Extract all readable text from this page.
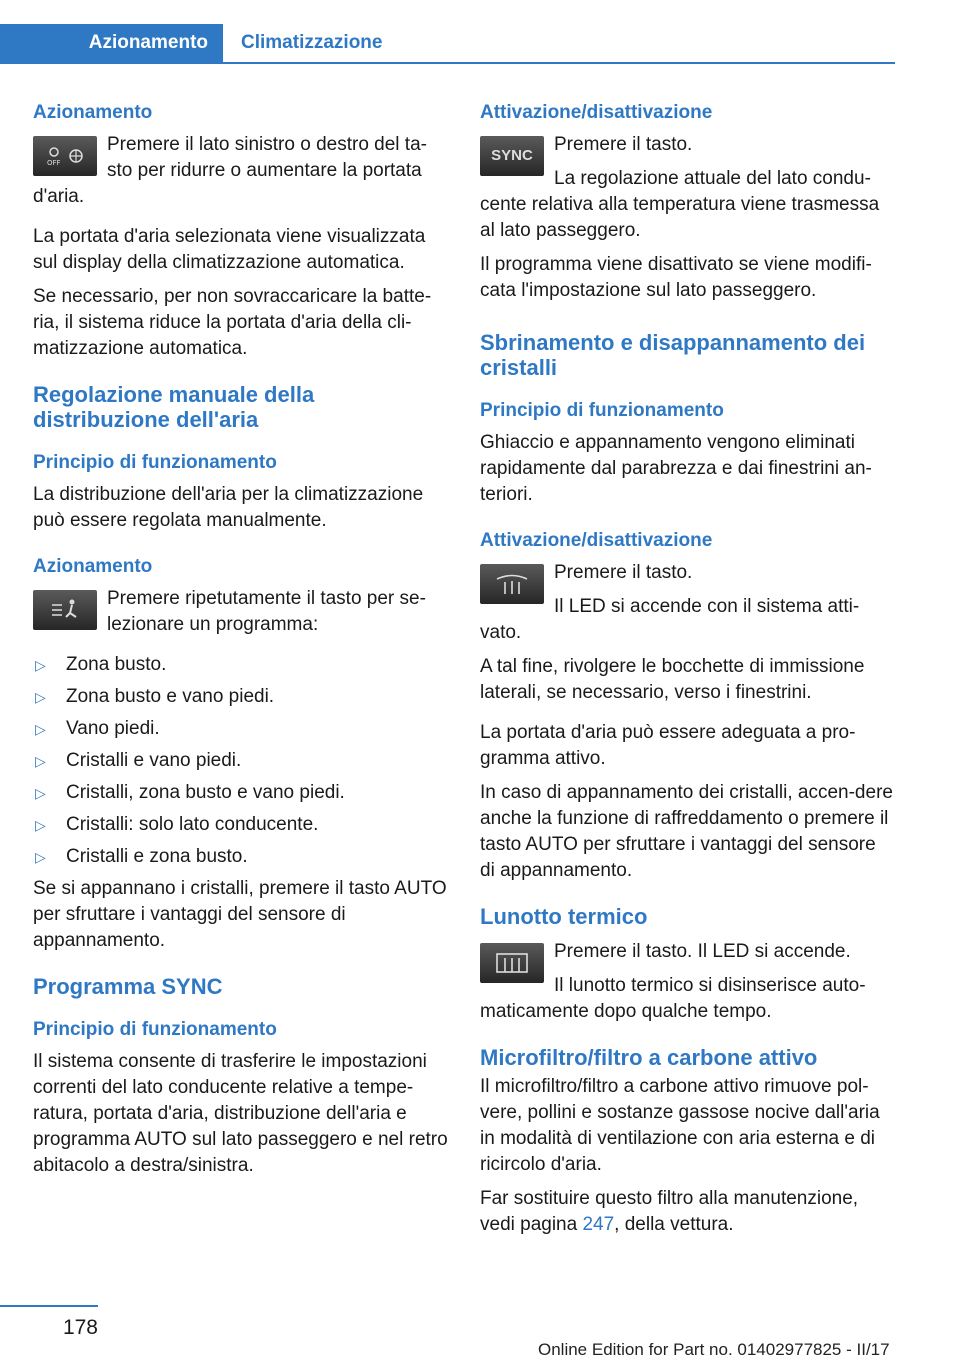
Azionamento	Climatizzazione
Azionamento
OFF

Premere il lato sinistro o destro del ta‐sto per ridurre o aumentare la portata

d'aria.

La portata d'aria selezionata viene visualizzata sul display della climatizzazione automatica.

Se necessario, per non sovraccaricare la batte‐ria, il sistema riduce la portata d'aria della cli‐matizzazione automatica.

Regolazione manuale della distribuzione dell'aria
Principio di funzionamento

La distribuzione dell'aria per la climatizzazione può essere regolata manualmente.

Azionamento

Premere ripetutamente il tasto per se‐lezionare un programma:

▷ Zona busto.
▷ Zona busto e vano piedi.
▷ Vano piedi.
▷ Cristalli e vano piedi.
▷ Cristalli, zona busto e vano piedi.
▷ Cristalli: solo lato conducente.
▷ Cristalli e zona busto.

Se si appannano i cristalli, premere il tasto AUTO per sfruttare i vantaggi del sensore di appannamento.

Programma SYNC
Principio di funzionamento

Il sistema consente di trasferire le impostazioni correnti del lato conducente relative a tempe‐ratura, portata d'aria, distribuzione dell'aria e programma AUTO sul lato passeggero e nel retro abitacolo a destra/sinistra.

Attivazione/disattivazione
SYNC

Premere il tasto.

La regolazione attuale del lato condu‐

cente relativa alla temperatura viene trasmessa al lato passeggero.

Il programma viene disattivato se viene modifi‐cata l'impostazione sul lato passeggero.

Sbrinamento e disappannamento dei cristalli
Principio di funzionamento

Ghiaccio e appannamento vengono eliminati rapidamente dal parabrezza e dai finestrini an‐teriori.

Attivazione/disattivazione

Premere il tasto.

Il LED si accende con il sistema atti‐

vato.

A tal fine, rivolgere le bocchette di immissione laterali, se necessario, verso i finestrini.

La portata d'aria può essere adeguata a pro‐gramma attivo.

In caso di appannamento dei cristalli, accen‐dere anche la funzione di raffreddamento o premere il tasto AUTO per sfruttare i vantaggi del sensore di appannamento.

Lunotto termico

Premere il tasto. Il LED si accende.

Il lunotto termico si disinserisce auto‐

maticamente dopo qualche tempo.

Microfiltro/filtro a carbone attivo

Il microfiltro/filtro a carbone attivo rimuove pol‐vere, pollini e sostanze gassose nocive dall'aria in modalità di ventilazione con aria esterna e di ricircolo d'aria.

Far sostituire questo filtro alla manutenzione, vedi pagina 247, della vettura.

178
Online Edition for Part no. 01402977825 - II/17
